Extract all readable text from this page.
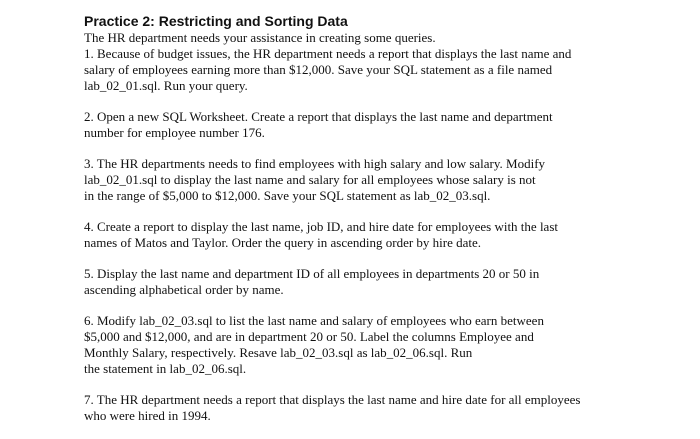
Practice 2: Restricting and Sorting Data

The HR department needs your assistance in creating some queries.

1. Because of budget issues, the HR department needs a report that displays the last name and
salary of employees earning more than $12,000. Save your SQL statement as a file named
lab_02_01.sql. Run your query.
2. Open a new SQL Worksheet. Create a report that displays the last name and department
number for employee number 176.
3. The HR departments needs to find employees with high salary and low salary. Modify
lab_02_01.sql to display the last name and salary for all employees whose salary is not
in the range of $5,000 to $12,000. Save your SQL statement as lab_02_03.sql.
4. Create a report to display the last name, job ID, and hire date for employees with the last
names of Matos and Taylor. Order the query in ascending order by hire date.
5. Display the last name and department ID of all employees in departments 20 or 50 in
ascending alphabetical order by name.
6. Modify lab_02_03.sql to list the last name and salary of employees who earn between
$5,000 and $12,000, and are in department 20 or 50. Label the columns Employee and
Monthly Salary, respectively. Resave lab_02_03.sql as lab_02_06.sql. Run
the statement in lab_02_06.sql.
7. The HR department needs a report that displays the last name and hire date for all employees
who were hired in 1994.
